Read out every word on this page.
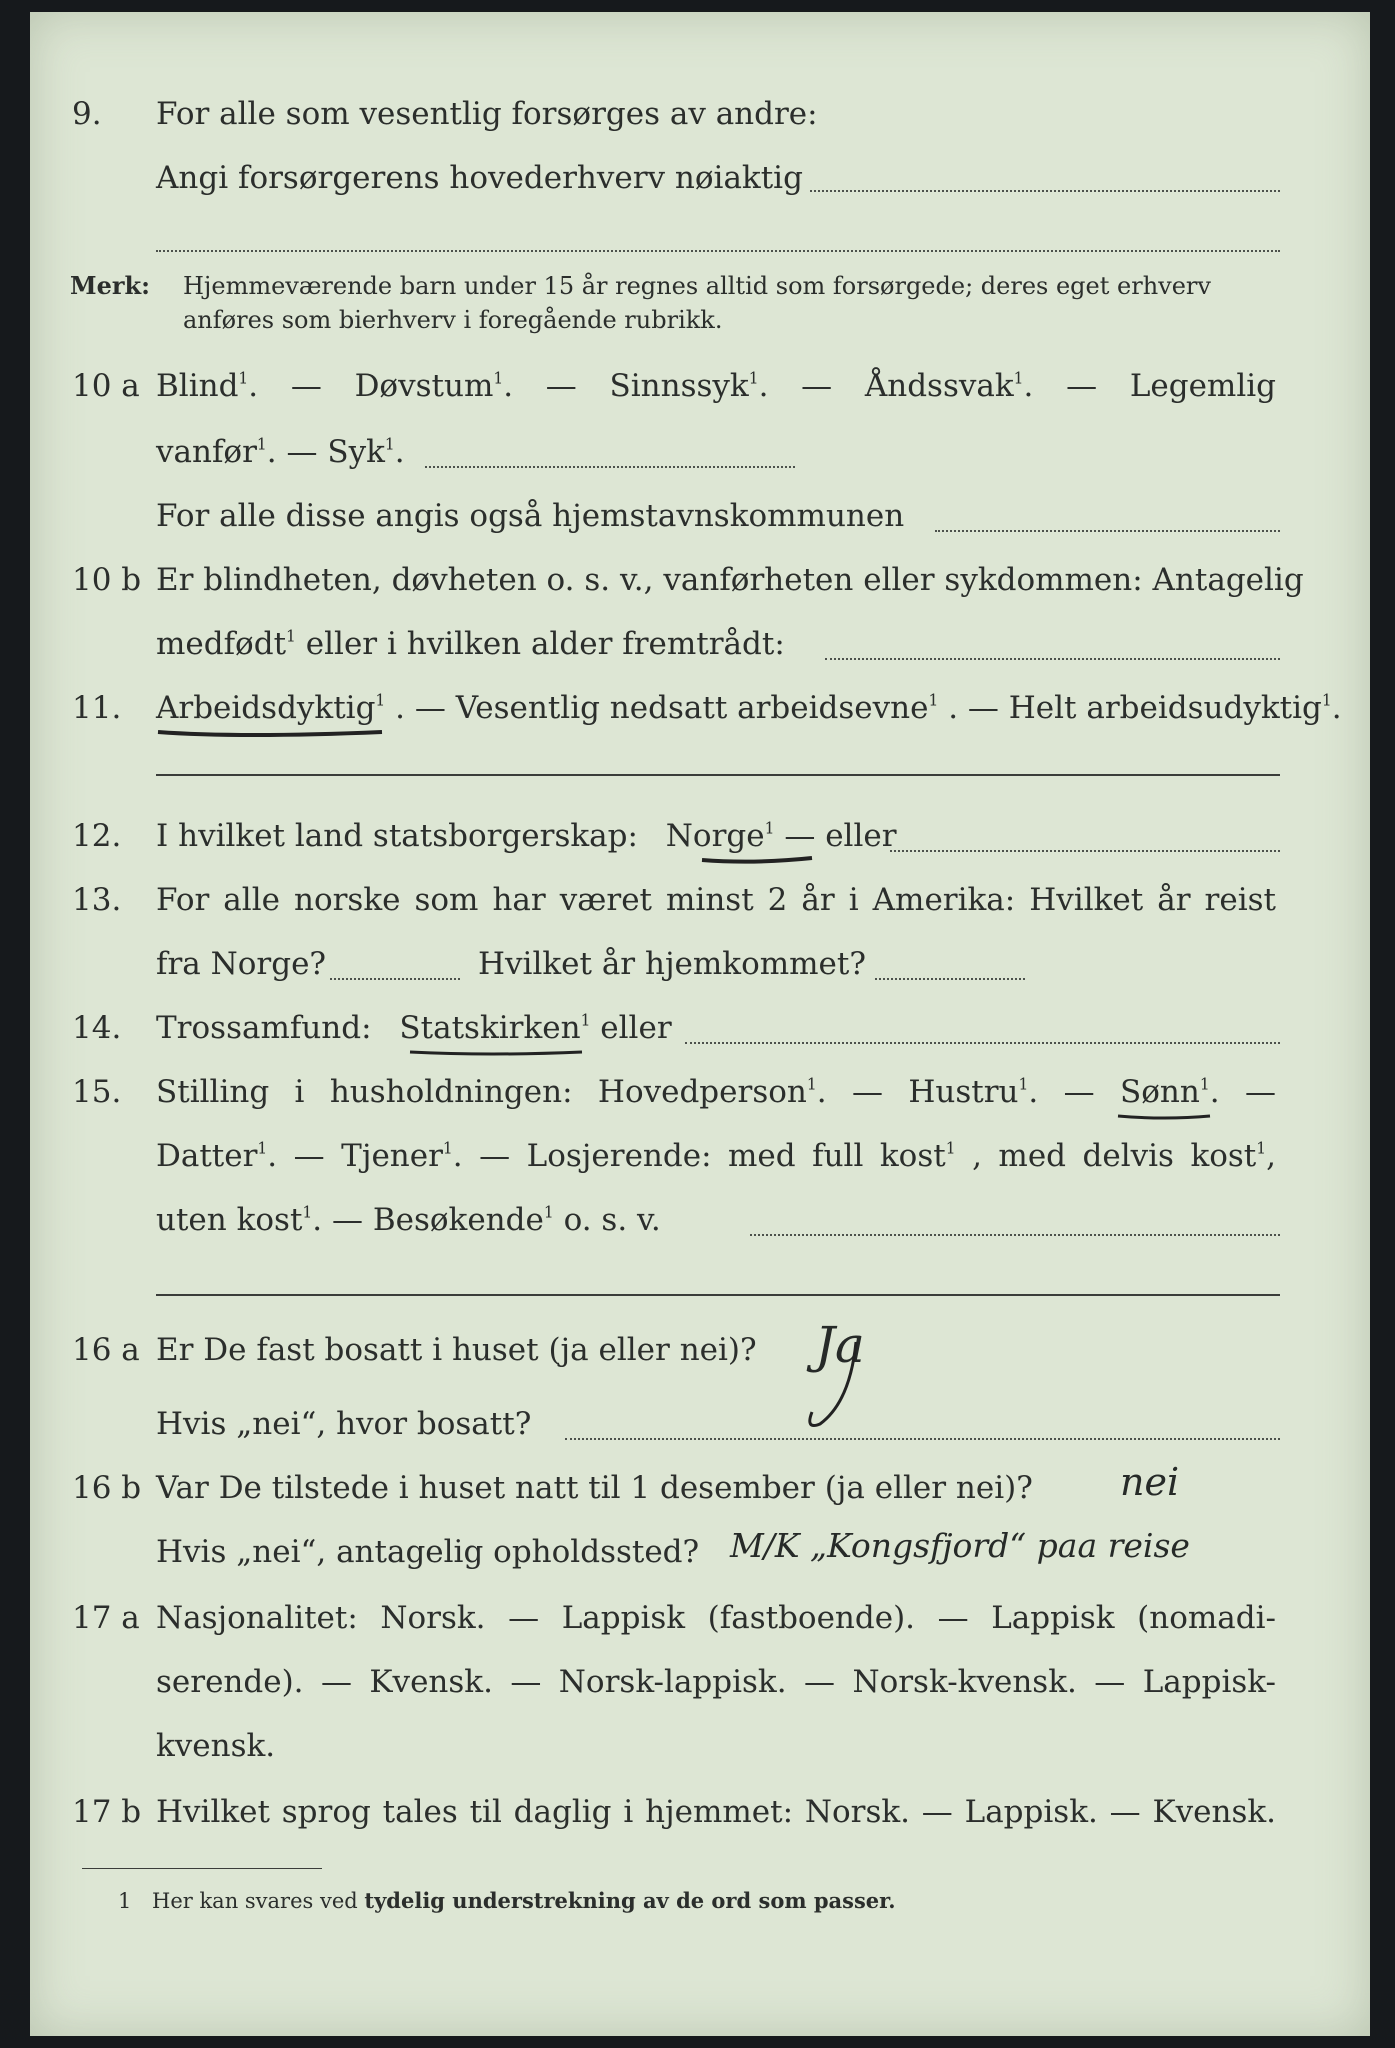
9. For alle som vesentlig forsørges av andre:
Angi forsørgerens hovederhverv nøiaktig
Merk: Hjemmeværende barn under 15 år regnes alltid som forsørgede; deres eget erhverv
anføres som bierhverv i foregående rubrikk.
10 a Blind$^1$. — Døvstum$^1$. — Sinnssyk$^1$. — Åndssvak$^1$. — Legemlig
vanfør$^1$. — Syk$^1$.
For alle disse angis også hjemstavnskommunen
10 b Er blindheten, døvheten o. s. v., vanførheten eller sykdommen: Antagelig
medfødt$^1$ eller i hvilken alder fremtrådt:
11. Arbeidsdyktig$^1$ . — Vesentlig nedsatt arbeidsevne$^1$ . — Helt arbeidsudyktig$^1$.
12. I hvilket land statsborgerskap: Norge$^1$ — eller
13. For alle norske som har været minst 2 år i Amerika: Hvilket år reist
fra Norge?	Hvilket år hjemkommet?
14. Trossamfund: Statskirken$^1$ eller
15. Stilling i husholdningen: Hovedperson$^1$. — Hustru$^1$. — Sønn$^1$. —
Datter$^1$. — Tjener$^1$. — Losjerende: med full kost$^1$ , med delvis kost$^1$,
uten kost$^1$. — Besøkende$^1$ o. s. v.
16 a Er De fast bosatt i huset (ja eller nei)? Ja
Hvis „nei“, hvor bosatt?
16 b Var De tilstede i huset natt til 1 desember (ja eller nei)? nei
Hvis „nei“, antagelig opholdssted? M/K „Kongsfjord“ paa reise
17 a Nasjonalitet: Norsk. — Lappisk (fastboende). — Lappisk (nomadi-
serende). — Kvensk. — Norsk-lappisk. — Norsk-kvensk. — Lappisk-
kvensk.
17 b Hvilket sprog tales til daglig i hjemmet: Norsk. — Lappisk. — Kvensk.
1 Her kan svares ved tydelig understrekning av de ord som passer.
